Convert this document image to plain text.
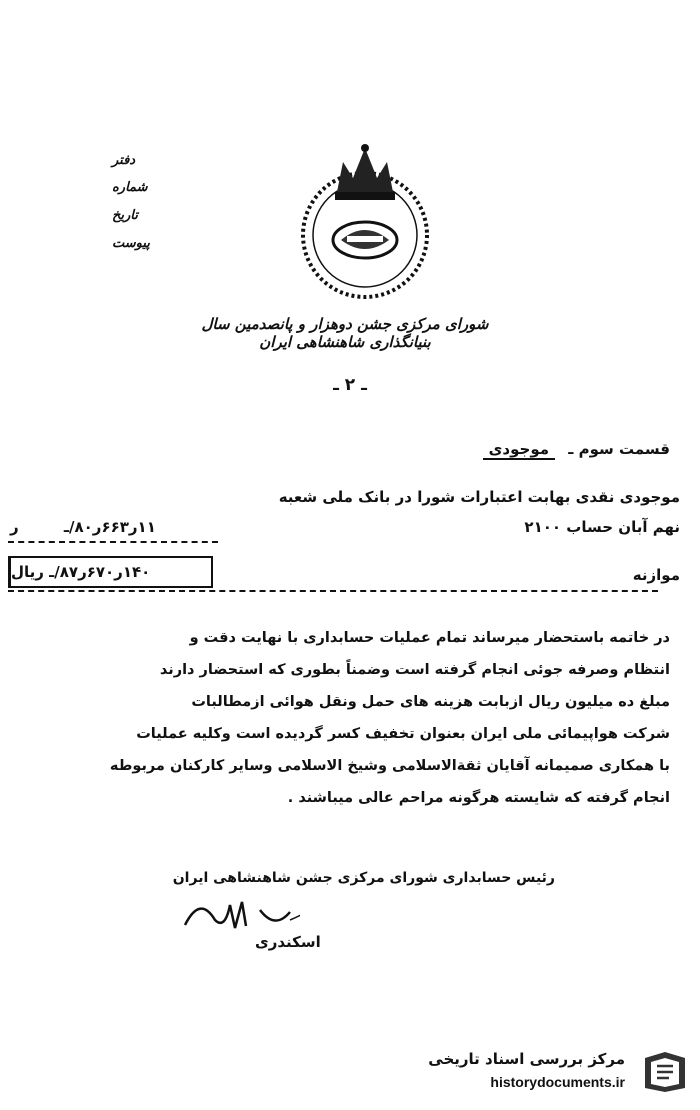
دفتر
شماره
تاریخ
پیوست
شورای مرکزی جشن دوهزار و پانصدمین سال بنیانگذاری شاهنشاهی ایران
ـ ۲ ـ
قسمت سوم ـ موجودی
موجودی نقدی بهابت اعتبارات شورا در بانک ملی شعبه
نهم آبان حساب ۲۱۰۰
ر	۱۱ر۶۶۳ر۸۰/ـ
۱۴۰ر۶۷۰ر۸۷/ـ ریال	موازنه
در خاتمه باستحضار میرساند تمام عملیات حسابداری با نهایت دقت و
انتظام وصرفه جوئی انجام گرفته است وضمناً بطوری که استحضار دارند
مبلغ ده میلیون ریال ازبابت هزینه های حمل ونقل هوائی ازمطالبات
شرکت هواپیمائی ملی ایران بعنوان تخفیف کسر گردیده است وکلیه عملیات
با همکاری صمیمانه آقایان ثقةالاسلامی وشیخ الاسلامی وسایر کارکنان مربوطه
انجام گرفته که شایسته هرگونه مراحم عالی میباشند .
رئیس حسابداری شورای مرکزی جشن شاهنشاهی ایران
اسکندری
مرکز بررسی اسناد تاریخی
historydocuments.ir
